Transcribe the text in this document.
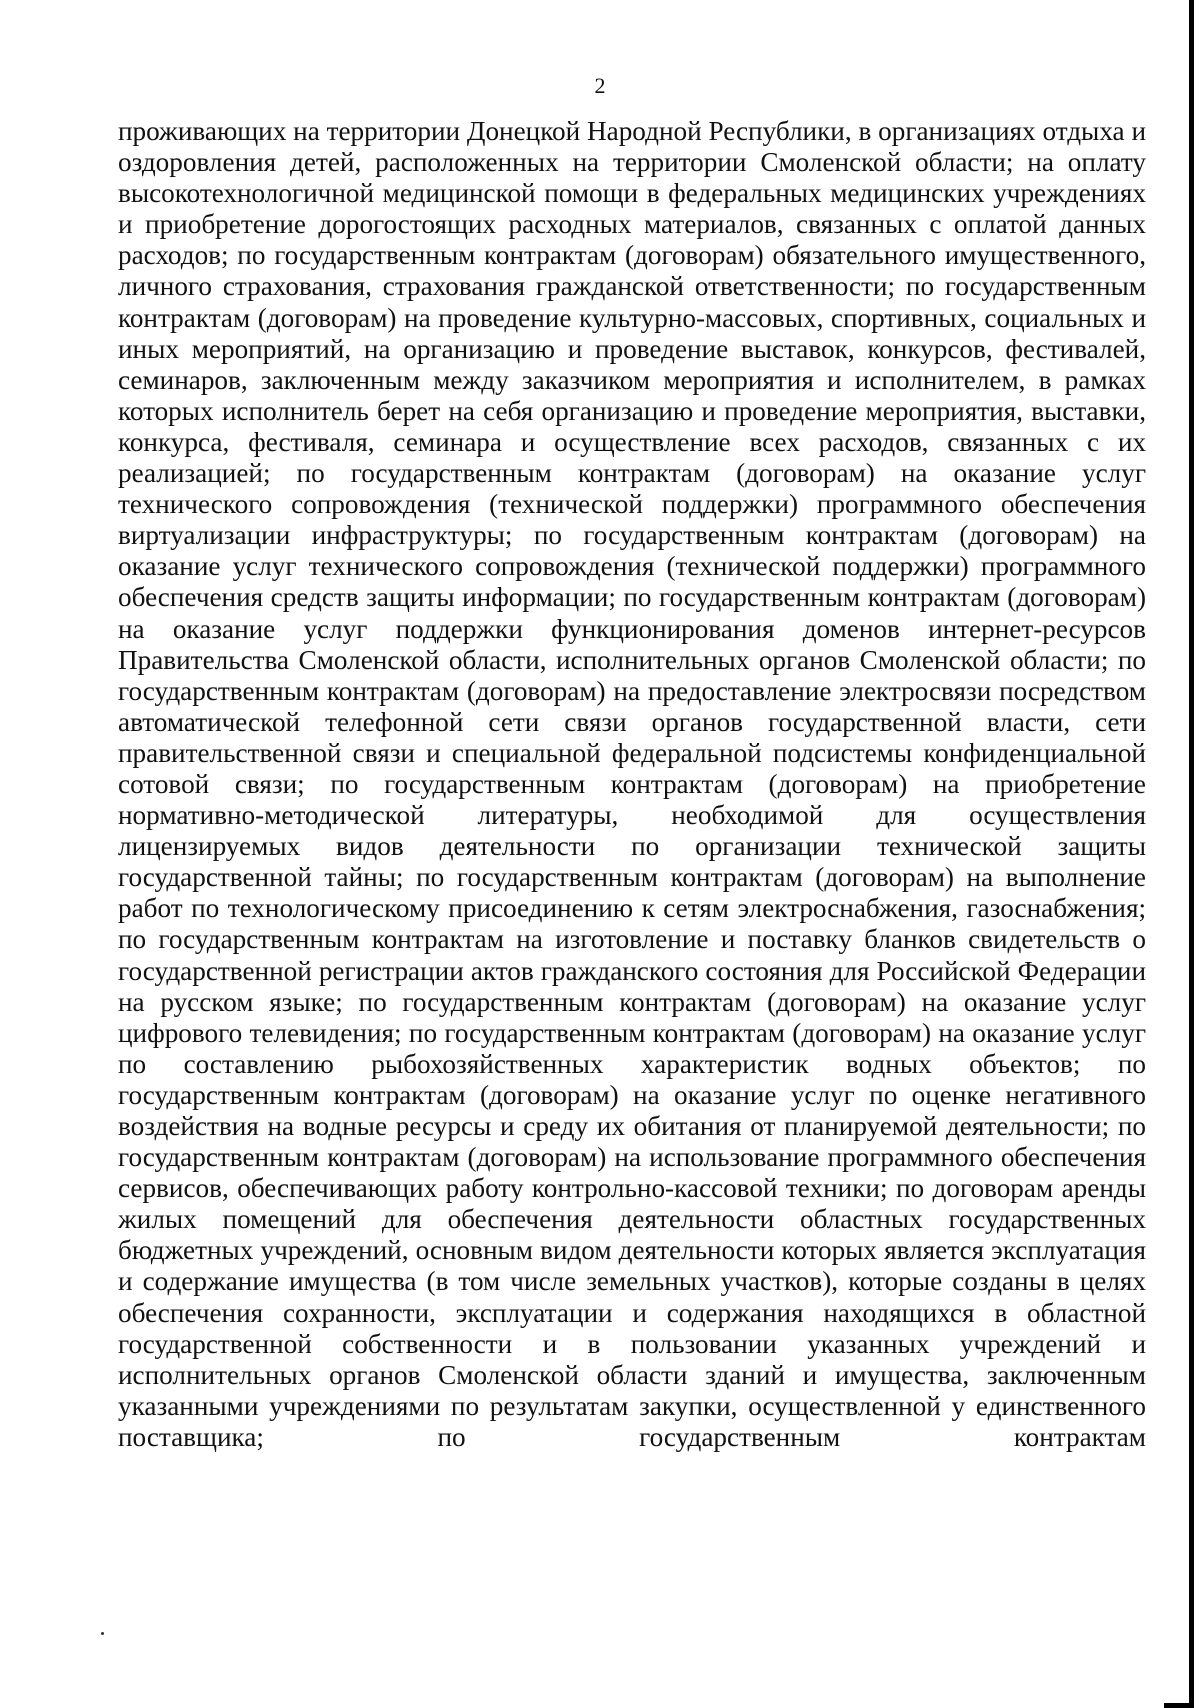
2

проживающих на территории Донецкой Народной Республики, в организациях отдыха и оздоровления детей, расположенных на территории Смоленской области; на оплату высокотехнологичной медицинской помощи в федеральных медицинских учреждениях и приобретение дорогостоящих расходных материалов, связанных с оплатой данных расходов; по государственным контрактам (договорам) обязательного имущественного, личного страхования, страхования гражданской ответственности; по государственным контрактам (договорам) на проведение культурно-массовых, спортивных, социальных и иных мероприятий, на организацию и проведение выставок, конкурсов, фестивалей, семинаров, заключенным между заказчиком мероприятия и исполнителем, в рамках которых исполнитель берет на себя организацию и проведение мероприятия, выставки, конкурса, фестиваля, семинара и осуществление всех расходов, связанных с их реализацией; по государственным контрактам (договорам) на оказание услуг технического сопровождения (технической поддержки) программного обеспечения виртуализации инфраструктуры; по государственным контрактам (договорам) на оказание услуг технического сопровождения (технической поддержки) программного обеспечения средств защиты информации; по государственным контрактам (договорам) на оказание услуг поддержки функционирования доменов интернет-ресурсов Правительства Смоленской области, исполнительных органов Смоленской области; по государственным контрактам (договорам) на предоставление электросвязи посредством автоматической телефонной сети связи органов государственной власти, сети правительственной связи и специальной федеральной подсистемы конфиденциальной сотовой связи; по государственным контрактам (договорам) на приобретение нормативно-методической литературы, необходимой для осуществления лицензируемых видов деятельности по организации технической защиты государственной тайны; по государственным контрактам (договорам) на выполнение работ по технологическому присоединению к сетям электроснабжения, газоснабжения; по государственным контрактам на изготовление и поставку бланков свидетельств о государственной регистрации актов гражданского состояния для Российской Федерации на русском языке; по государственным контрактам (договорам) на оказание услуг цифрового телевидения; по государственным контрактам (договорам) на оказание услуг по составлению рыбохозяйственных характеристик водных объектов; по государственным контрактам (договорам) на оказание услуг по оценке негативного воздействия на водные ресурсы и среду их обитания от планируемой деятельности; по государственным контрактам (договорам) на использование программного обеспечения сервисов, обеспечивающих работу контрольно-кассовой техники; по договорам аренды жилых помещений для обеспечения деятельности областных государственных бюджетных учреждений, основным видом деятельности которых является эксплуатация и содержание имущества (в том числе земельных участков), которые созданы в целях обеспечения сохранности, эксплуатации и содержания находящихся в областной государственной собственности и в пользовании указанных учреждений и исполнительных органов Смоленской области зданий и имущества, заключенным указанными учреждениями по результатам закупки, осуществленной у единственного поставщика; по государственным контрактам
